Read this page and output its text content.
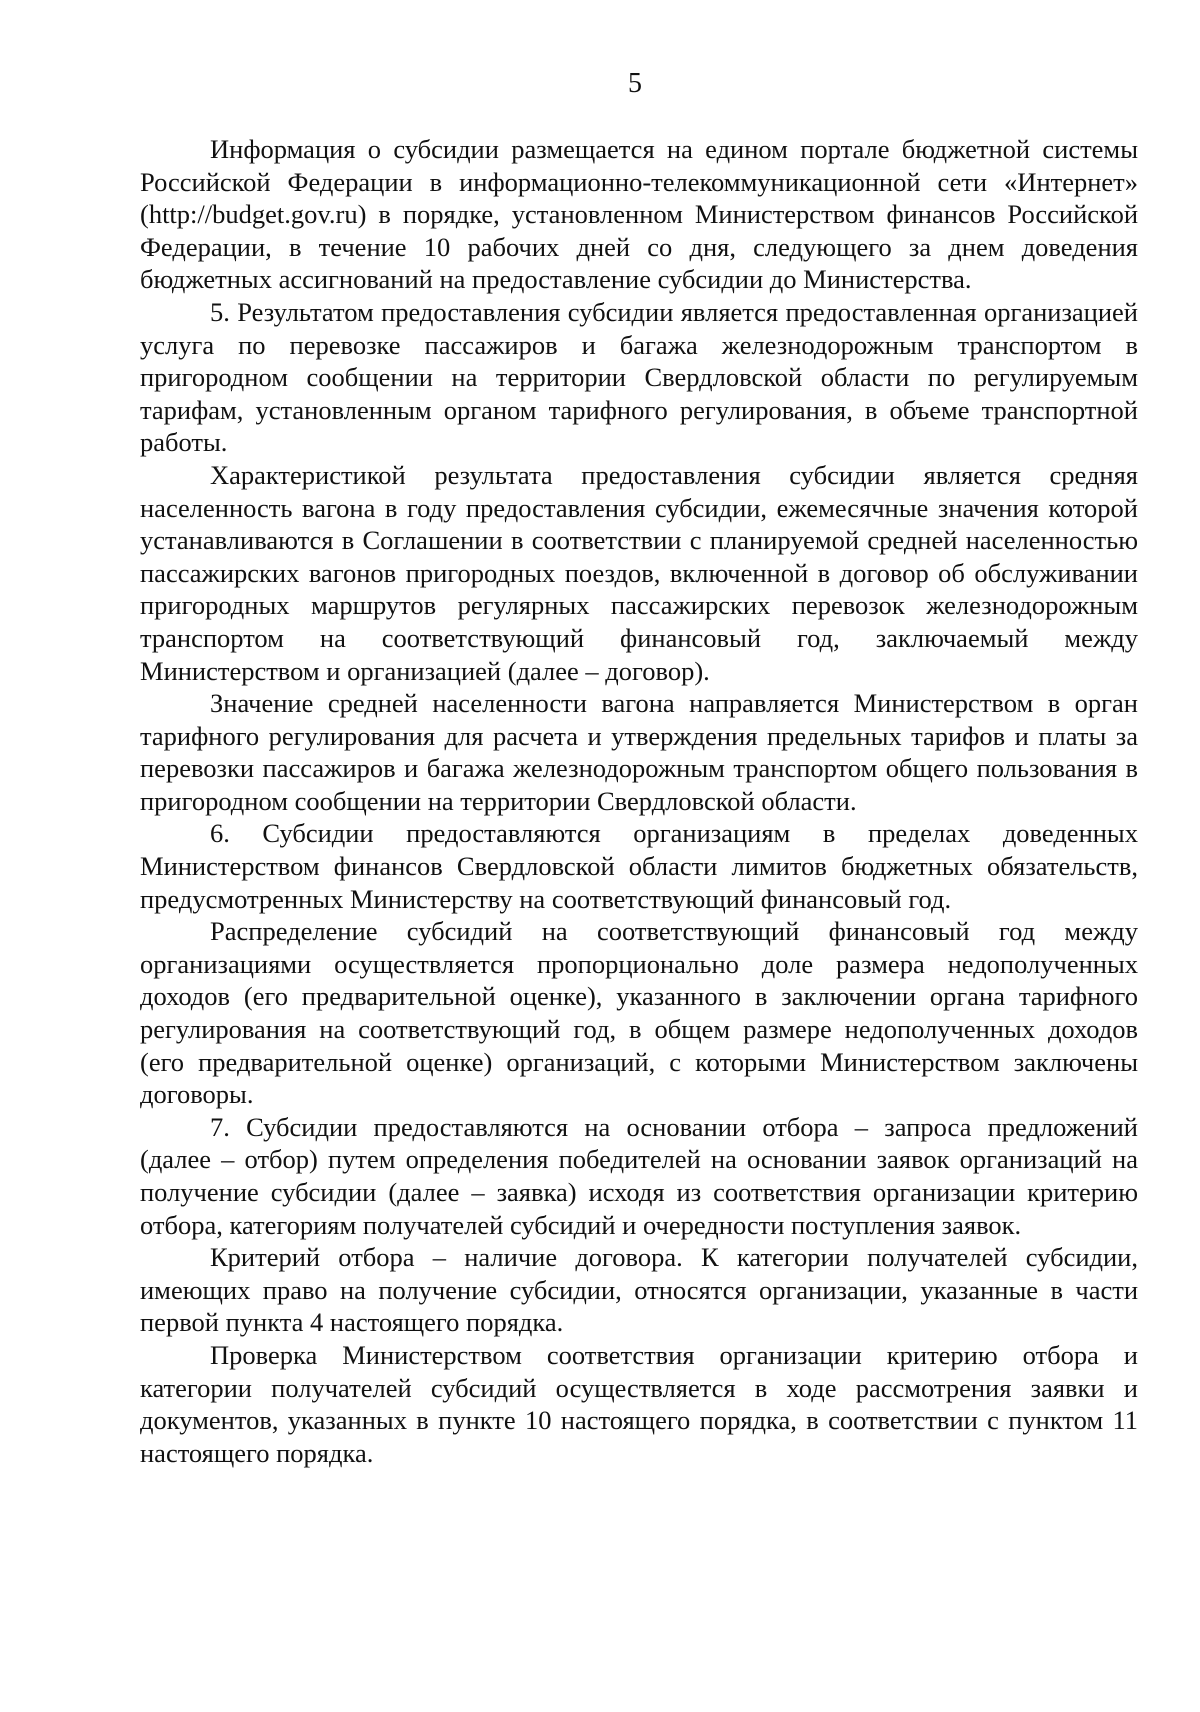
5

Информация о субсидии размещается на едином портале бюджетной системы Российской Федерации в информационно-телекоммуникационной сети «Интернет» (http://budget.gov.ru) в порядке, установленном Министерством финансов Российской Федерации, в течение 10 рабочих дней со дня, следующего за днем доведения бюджетных ассигнований на предоставление субсидии до Министерства.

5. Результатом предоставления субсидии является предоставленная организацией услуга по перевозке пассажиров и багажа железнодорожным транспортом в пригородном сообщении на территории Свердловской области по регулируемым тарифам, установленным органом тарифного регулирования, в объеме транспортной работы.

Характеристикой результата предоставления субсидии является средняя населенность вагона в году предоставления субсидии, ежемесячные значения которой устанавливаются в Соглашении в соответствии с планируемой средней населенностью пассажирских вагонов пригородных поездов, включенной в договор об обслуживании пригородных маршрутов регулярных пассажирских перевозок железнодорожным транспортом на соответствующий финансовый год, заключаемый между Министерством и организацией (далее – договор).

Значение средней населенности вагона направляется Министерством в орган тарифного регулирования для расчета и утверждения предельных тарифов и платы за перевозки пассажиров и багажа железнодорожным транспортом общего пользования в пригородном сообщении на территории Свердловской области.

6. Субсидии предоставляются организациям в пределах доведенных Министерством финансов Свердловской области лимитов бюджетных обязательств, предусмотренных Министерству на соответствующий финансовый год.

Распределение субсидий на соответствующий финансовый год между организациями осуществляется пропорционально доле размера недополученных доходов (его предварительной оценке), указанного в заключении органа тарифного регулирования на соответствующий год, в общем размере недополученных доходов (его предварительной оценке) организаций, с которыми Министерством заключены договоры.

7. Субсидии предоставляются на основании отбора – запроса предложений (далее – отбор) путем определения победителей на основании заявок организаций на получение субсидии (далее – заявка) исходя из соответствия организации критерию отбора, категориям получателей субсидий и очередности поступления заявок.

Критерий отбора – наличие договора. К категории получателей субсидии, имеющих право на получение субсидии, относятся организации, указанные в части первой пункта 4 настоящего порядка.

Проверка Министерством соответствия организации критерию отбора и категории получателей субсидий осуществляется в ходе рассмотрения заявки и документов, указанных в пункте 10 настоящего порядка, в соответствии с пунктом 11 настоящего порядка.
